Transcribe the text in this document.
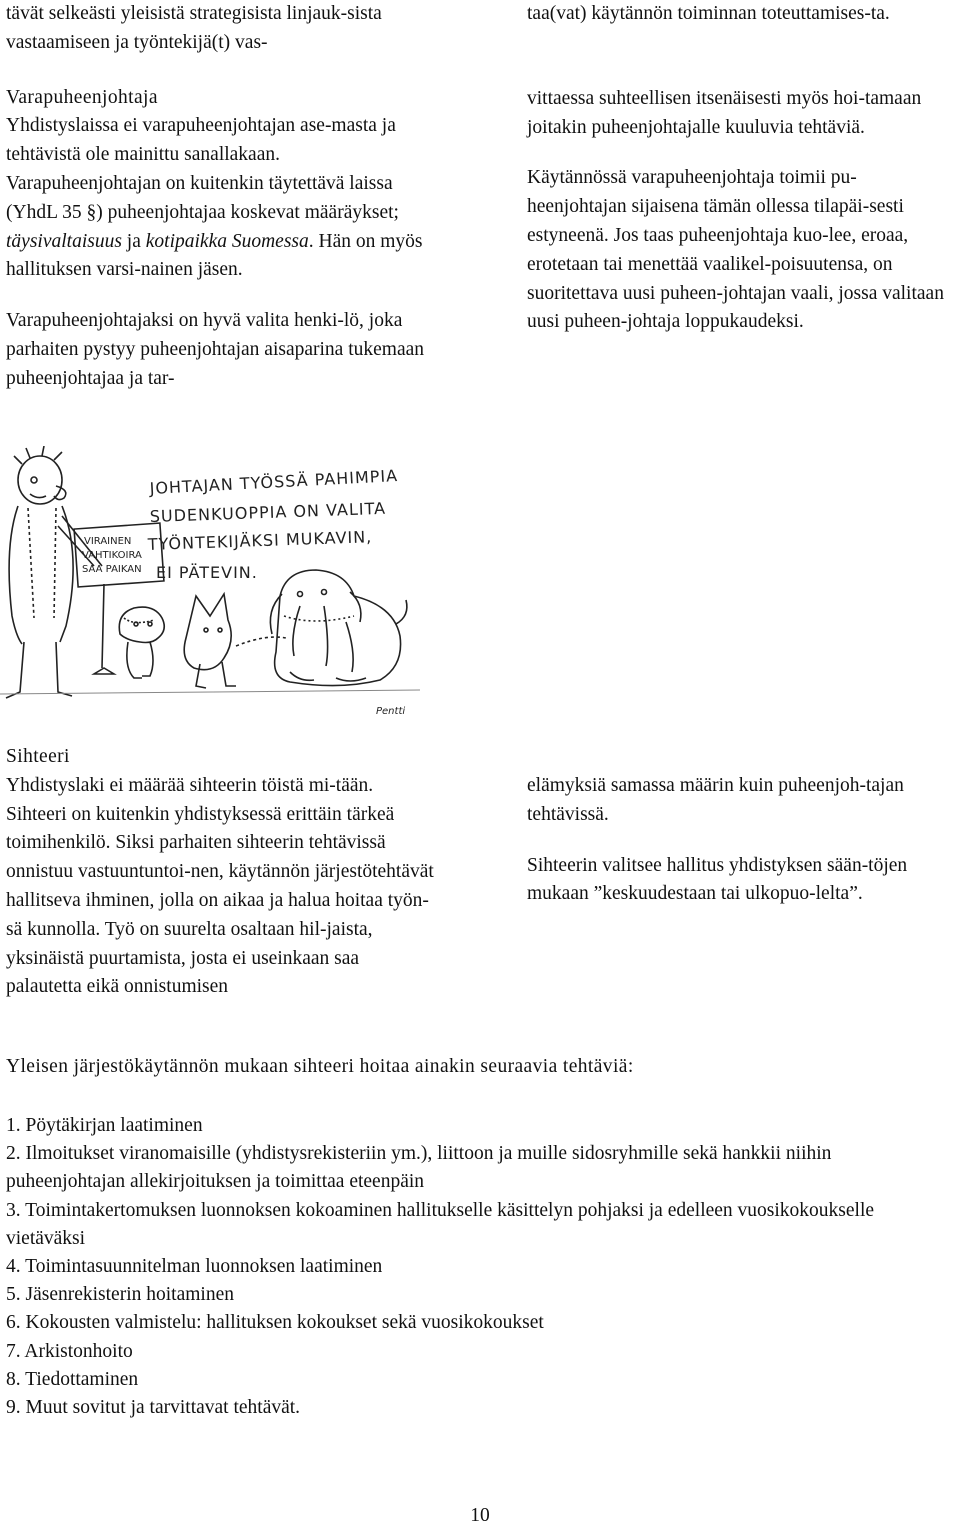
tävät selkeästi yleisistä strategisista linjauk-sista vastaamiseen ja työntekijä(t) vas-

Varapuheenjohtaja

Yhdistyslaissa ei varapuheenjohtajan ase-masta ja tehtävistä ole mainittu sanallakaan. Varapuheenjohtajan on kuitenkin täytettävä laissa (YhdL 35 §) puheenjohtajaa koskevat määräykset; täysivaltaisuus ja kotipaikka Suomessa. Hän on myös hallituksen varsi-nainen jäsen.

Varapuheenjohtajaksi on hyvä valita henki-lö, joka parhaiten pystyy puheenjohtajan aisaparina tukemaan puheenjohtajaa ja tar-

taa(vat) käytännön toiminnan toteuttamises-ta.

vittaessa suhteellisen itsenäisesti myös hoi-tamaan joitakin puheenjohtajalle kuuluvia tehtäviä.

Käytännössä varapuheenjohtaja toimii pu-heenjohtajan sijaisena tämän ollessa tilapäi-sesti estyneenä. Jos taas puheenjohtaja kuo-lee, eroaa, erotetaan tai menettää vaalikel-poisuutensa, on suoritettava uusi puheen-johtajan vaali, jossa valitaan uusi puheen-johtaja loppukaudeksi.

JOHTAJAN TYÖSSÄ PAHIMPIA
SUDENKUOPPIA ON VALITA
TYÖNTEKIJÄKSI MUKAVIN,
EI PÄTEVIN.
VIRAINEN
VAHTIKOIRA
SAA PAIKAN
Pentti

Sihteeri

Yhdistyslaki ei määrää sihteerin töistä mi-tään. Sihteeri on kuitenkin yhdistyksessä erittäin tärkeä toimihenkilö. Siksi parhaiten sihteerin tehtävissä onnistuu vastuuntuntoi-nen, käytännön järjestötehtävät hallitseva ihminen, jolla on aikaa ja halua hoitaa työn-sä kunnolla. Työ on suurelta osaltaan hil-jaista, yksinäistä puurtamista, josta ei useinkaan saa palautetta eikä onnistumisen

elämyksiä samassa määrin kuin puheenjoh-tajan tehtävissä.

Sihteerin valitsee hallitus yhdistyksen sään-töjen mukaan ”keskuudestaan tai ulkopuo-lelta”.

Yleisen järjestökäytännön mukaan sihteeri hoitaa ainakin seuraavia tehtäviä:
1. Pöytäkirjan laatiminen
2. Ilmoitukset viranomaisille (yhdistysrekisteriin ym.), liittoon ja muille sidosryhmille sekä hankkii niihin puheenjohtajan allekirjoituksen ja toimittaa eteenpäin
3. Toimintakertomuksen luonnoksen kokoaminen hallitukselle käsittelyn pohjaksi ja edelleen vuosikokoukselle vietäväksi
4. Toimintasuunnitelman luonnoksen laatiminen
5. Jäsenrekisterin hoitaminen
6. Kokousten valmistelu: hallituksen kokoukset sekä vuosikokoukset
7. Arkistonhoito
8. Tiedottaminen
9. Muut sovitut ja tarvittavat tehtävät.
10
